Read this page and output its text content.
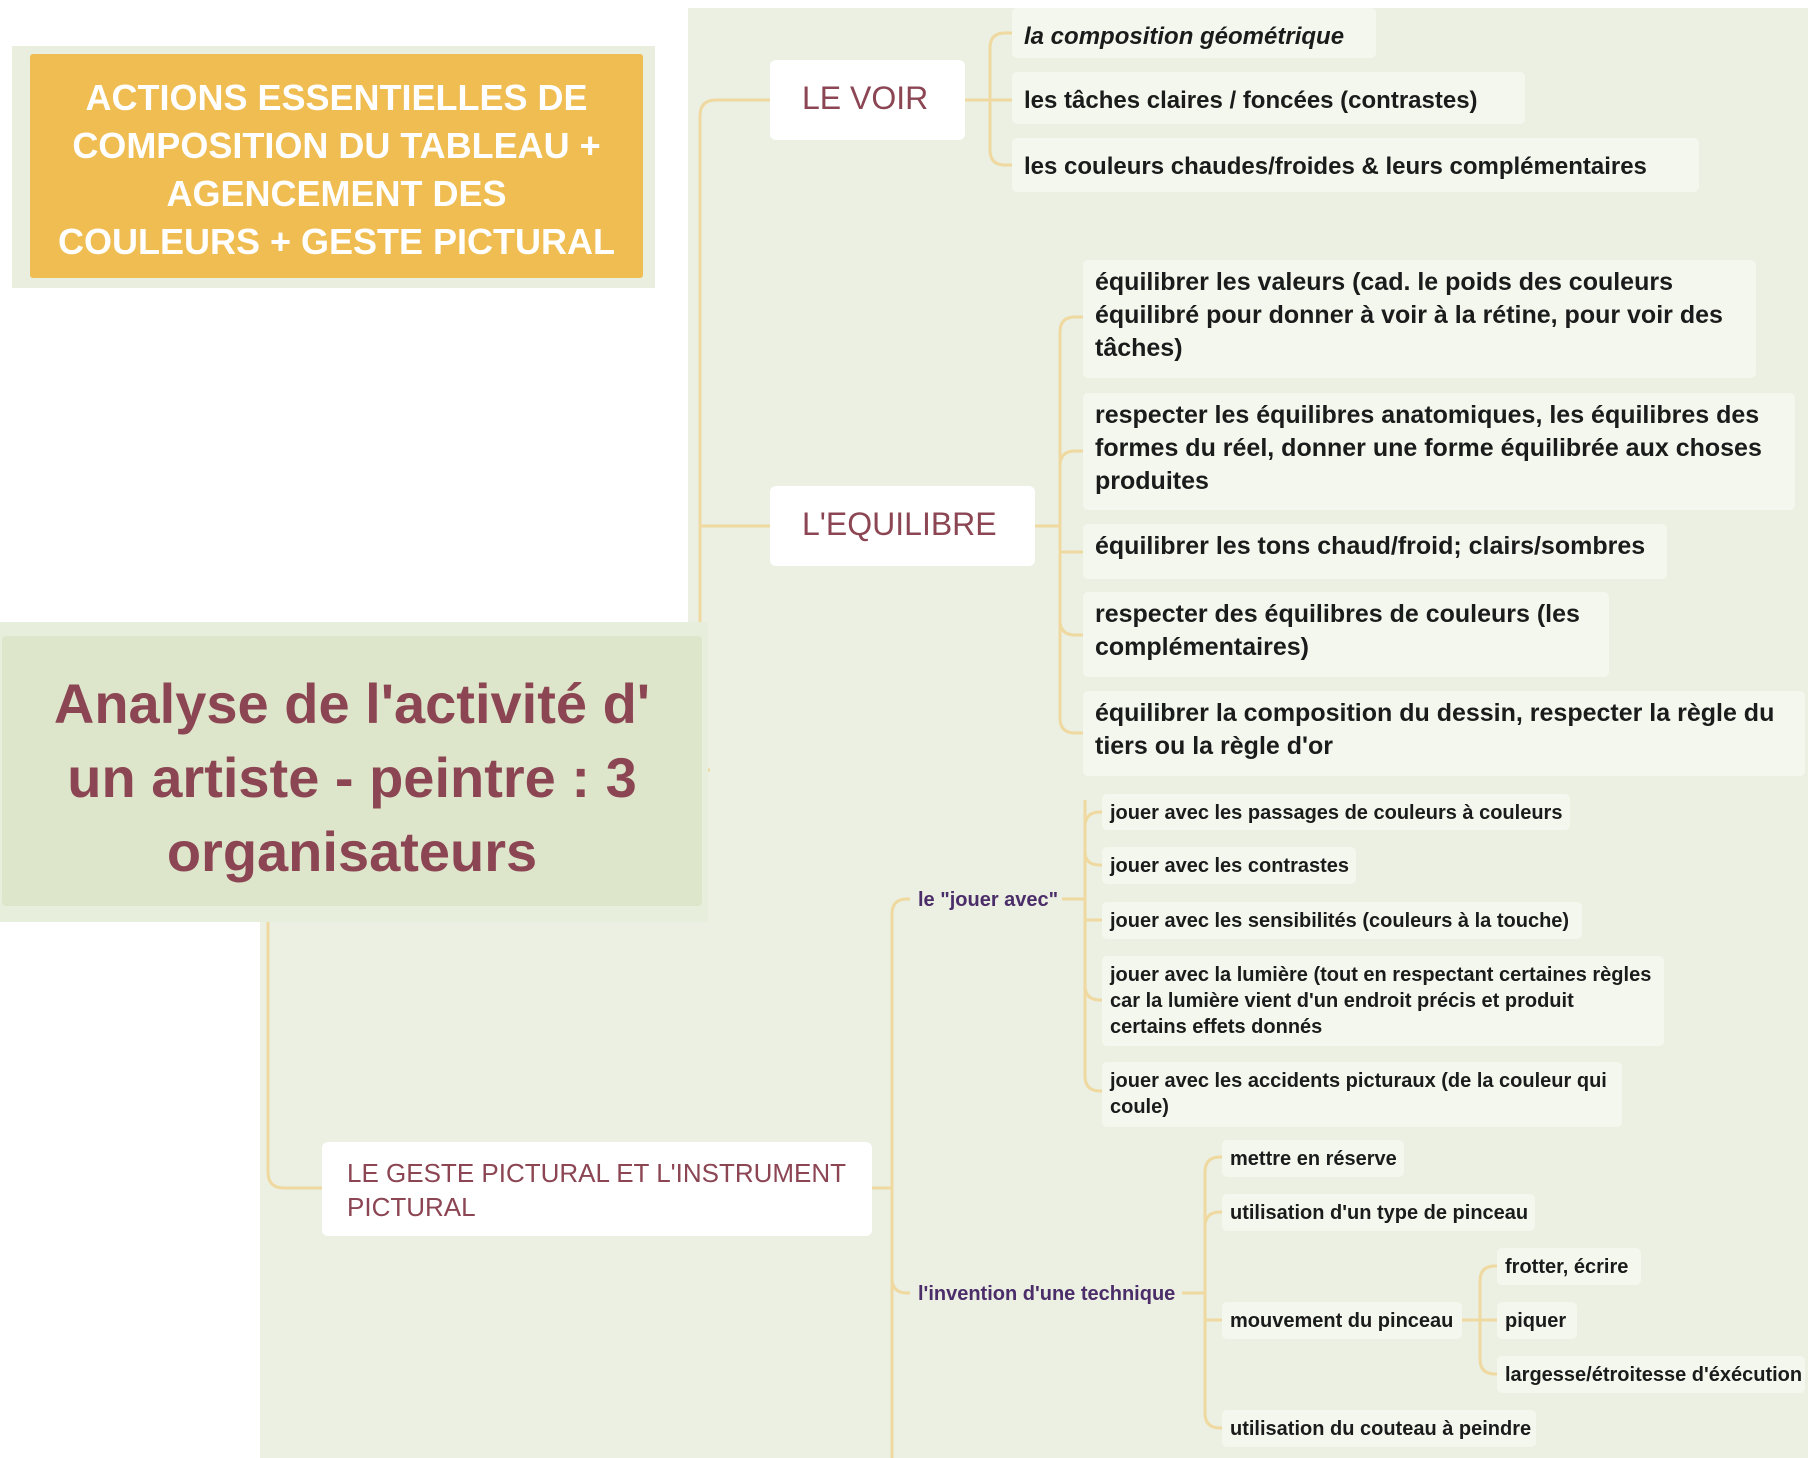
ACTIONS ESSENTIELLES DE
COMPOSITION DU TABLEAU +
AGENCEMENT DES
COULEURS + GESTE PICTURAL
Analyse de l'activité d'
un artiste - peintre : 3
organisateurs
LE VOIR
la composition géométrique
les tâches claires / foncées (contrastes)
les couleurs chaudes/froides & leurs complémentaires
L'EQUILIBRE
équilibrer les valeurs (cad. le poids des couleurs
équilibré pour donner à voir à la rétine, pour voir des
tâches)
respecter les équilibres anatomiques, les équilibres des
formes du réel, donner une forme équilibrée aux choses
produites
équilibrer les tons chaud/froid; clairs/sombres
respecter des équilibres de couleurs (les
complémentaires)
équilibrer la composition du dessin, respecter la règle du
tiers ou la règle d'or
LE GESTE PICTURAL ET L'INSTRUMENT
PICTURAL
le "jouer avec"
jouer avec les passages de couleurs à couleurs
jouer avec les contrastes
jouer avec les sensibilités (couleurs à la touche)
jouer avec la lumière (tout en respectant certaines règles
car la lumière vient d'un endroit précis et produit
certains effets donnés
jouer avec les accidents picturaux (de la couleur qui
coule)
l'invention d'une technique
mettre en réserve
utilisation d'un type de pinceau
mouvement du pinceau
utilisation du couteau à peindre
frotter, écrire
piquer
largesse/étroitesse d'éxécution
